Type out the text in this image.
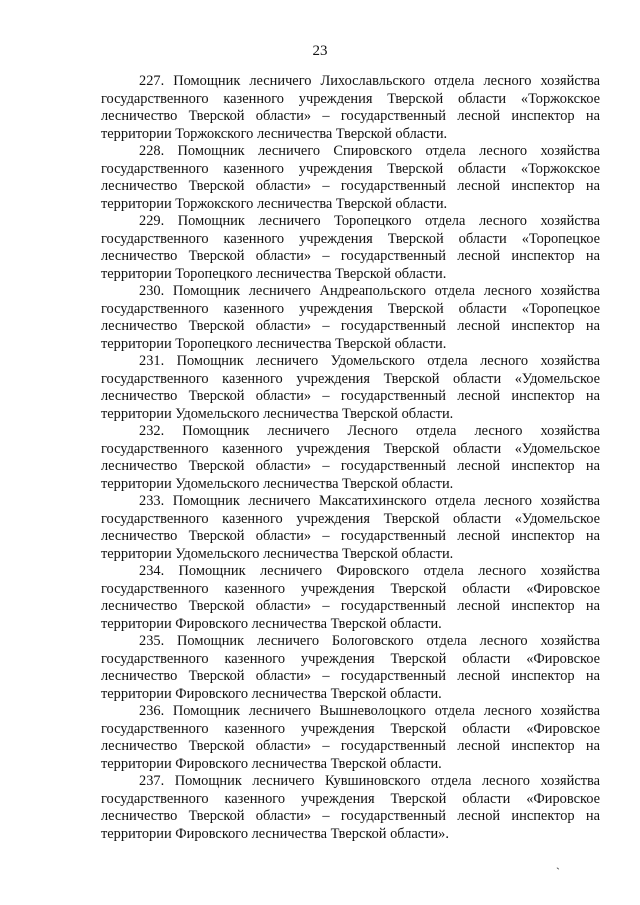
23

227. Помощник лесничего Лихославльского отдела лесного хозяйства государственного казенного учреждения Тверской области «Торжокское лесничество Тверской области» – государственный лесной инспектор на территории Торжокского лесничества Тверской области.

228. Помощник лесничего Спировского отдела лесного хозяйства государственного казенного учреждения Тверской области «Торжокское лесничество Тверской области» – государственный лесной инспектор на территории Торжокского лесничества Тверской области.

229. Помощник лесничего Торопецкого отдела лесного хозяйства государственного казенного учреждения Тверской области «Торопецкое лесничество Тверской области» – государственный лесной инспектор на территории Торопецкого лесничества Тверской области.

230. Помощник лесничего Андреапольского отдела лесного хозяйства государственного казенного учреждения Тверской области «Торопецкое лесничество Тверской области» – государственный лесной инспектор на территории Торопецкого лесничества Тверской области.

231. Помощник лесничего Удомельского отдела лесного хозяйства государственного казенного учреждения Тверской области «Удомельское лесничество Тверской области» – государственный лесной инспектор на территории Удомельского лесничества Тверской области.

232. Помощник лесничего Лесного отдела лесного хозяйства государственного казенного учреждения Тверской области «Удомельское лесничество Тверской области» – государственный лесной инспектор на территории Удомельского лесничества Тверской области.

233. Помощник лесничего Максатихинского отдела лесного хозяйства государственного казенного учреждения Тверской области «Удомельское лесничество Тверской области» – государственный лесной инспектор на территории Удомельского лесничества Тверской области.

234. Помощник лесничего Фировского отдела лесного хозяйства государственного казенного учреждения Тверской области «Фировское лесничество Тверской области» – государственный лесной инспектор на территории Фировского лесничества Тверской области.

235. Помощник лесничего Бологовского отдела лесного хозяйства государственного казенного учреждения Тверской области «Фировское лесничество Тверской области» – государственный лесной инспектор на территории Фировского лесничества Тверской области.

236. Помощник лесничего Вышневолоцкого отдела лесного хозяйства государственного казенного учреждения Тверской области «Фировское лесничество Тверской области» – государственный лесной инспектор на территории Фировского лесничества Тверской области.

237. Помощник лесничего Кувшиновского отдела лесного хозяйства государственного казенного учреждения Тверской области «Фировское лесничество Тверской области» – государственный лесной инспектор на территории Фировского лесничества Тверской области».

`
